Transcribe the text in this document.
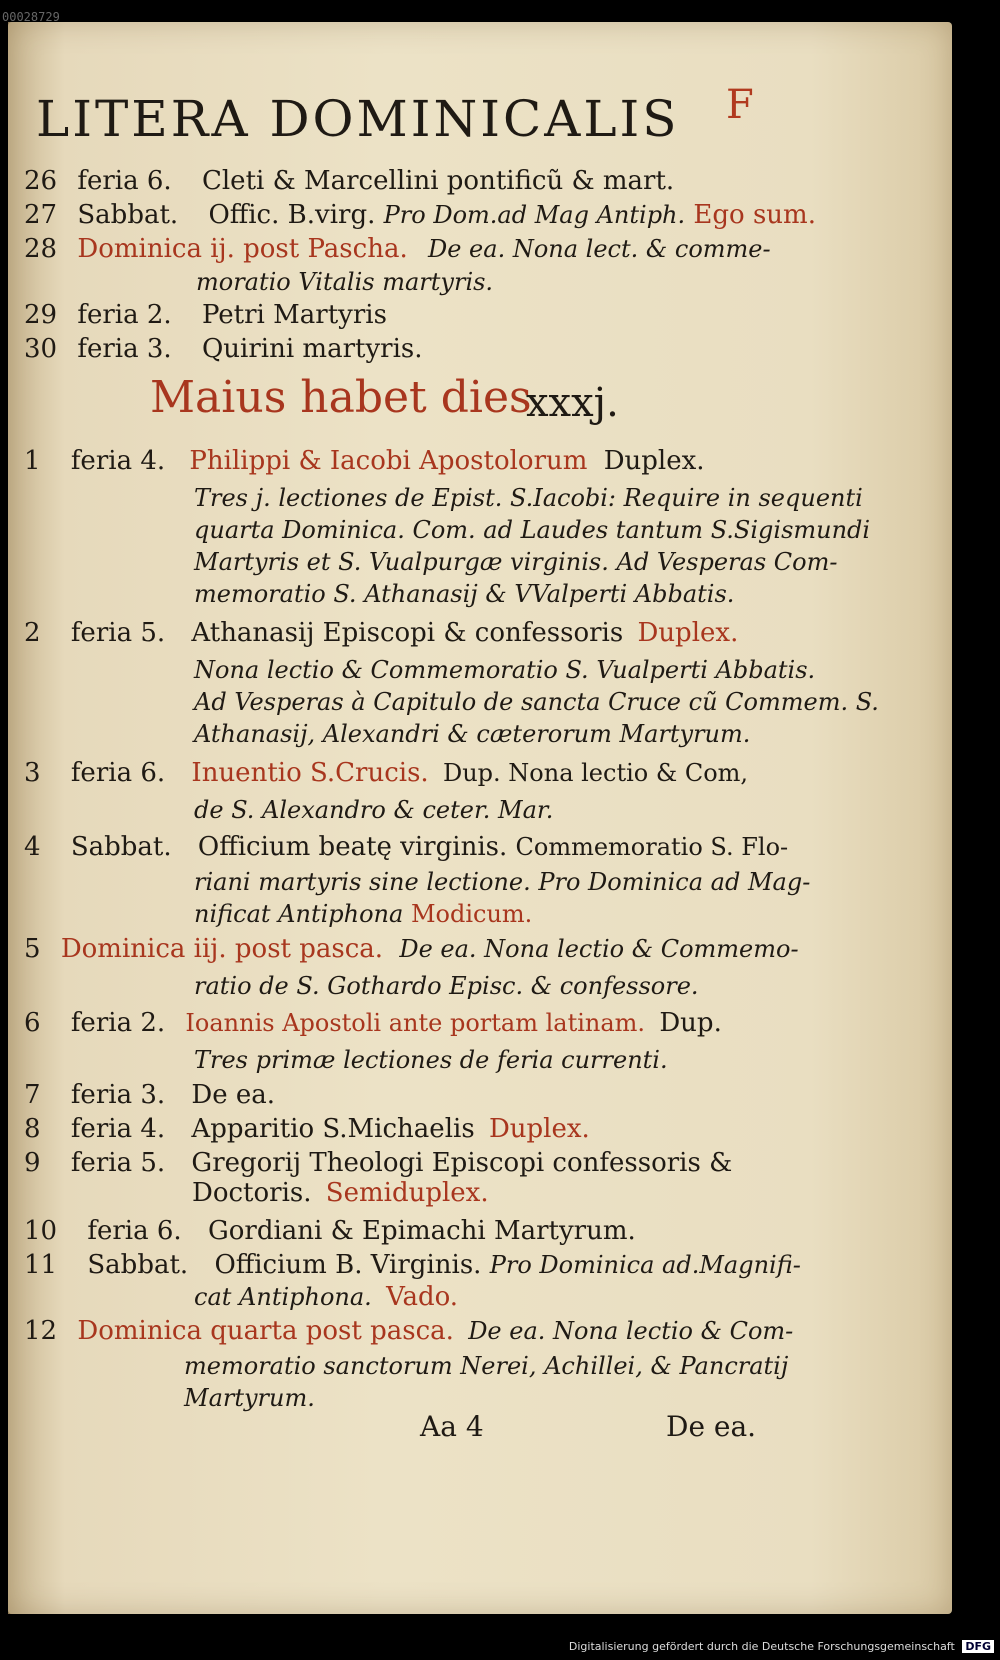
00028729
LITERA DOMINICALIS F
26 feria 6. Cleti & Marcellini pontificũ & mart.
27 Sabbat. Offic. B.virg. Pro Dom.ad Mag Antiph. Ego sum.
28 Dominica ij. post Pascha. De ea. Nona lect. & comme-
moratio Vitalis martyris.
29 feria 2. Petri Martyris
30 feria 3. Quirini martyris.
Maius habet dies
xxxj.
1 feria 4. Philippi & Iacobi Apostolorum Duplex.
Tres j. lectiones de Epist. S.Iacobi: Require in sequenti
quarta Dominica. Com. ad Laudes tantum S.Sigismundi
Martyris et S. Vualpurgæ virginis. Ad Vesperas Com-
memoratio S. Athanasij & VValperti Abbatis.
2 feria 5. Athanasij Episcopi & confessoris Duplex.
Nona lectio & Commemoratio S. Vualperti Abbatis.
Ad Vesperas à Capitulo de sancta Cruce cũ Commem. S.
Athanasij, Alexandri & cæterorum Martyrum.
3 feria 6. Inuentio S.Crucis. Dup. Nona lectio & Com,
de S. Alexandro & ceter. Mar.
4 Sabbat. Officium beatę virginis. Commemoratio S. Flo-
riani martyris sine lectione. Pro Dominica ad Mag-
nificat Antiphona Modicum.
5 Dominica iij. post pasca. De ea. Nona lectio & Commemo-
ratio de S. Gothardo Episc. & confessore.
6 feria 2. Ioannis Apostoli ante portam latinam. Dup.
Tres primæ lectiones de feria currenti.
7 feria 3. De ea.
8 feria 4. Apparitio S.Michaelis Duplex.
9 feria 5. Gregorij Theologi Episcopi confessoris &
Doctoris. Semiduplex.
10 feria 6. Gordiani & Epimachi Martyrum.
11 Sabbat. Officium B. Virginis. Pro Dominica ad.Magnifi-
cat Antiphona. Vado.
12 Dominica quarta post pasca. De ea. Nona lectio & Com-
memoratio sanctorum Nerei, Achillei, & Pancratij
Martyrum.
Aa 4	De ea.
Digitalisierung gefördert durch die Deutsche Forschungsgemeinschaft DFG
